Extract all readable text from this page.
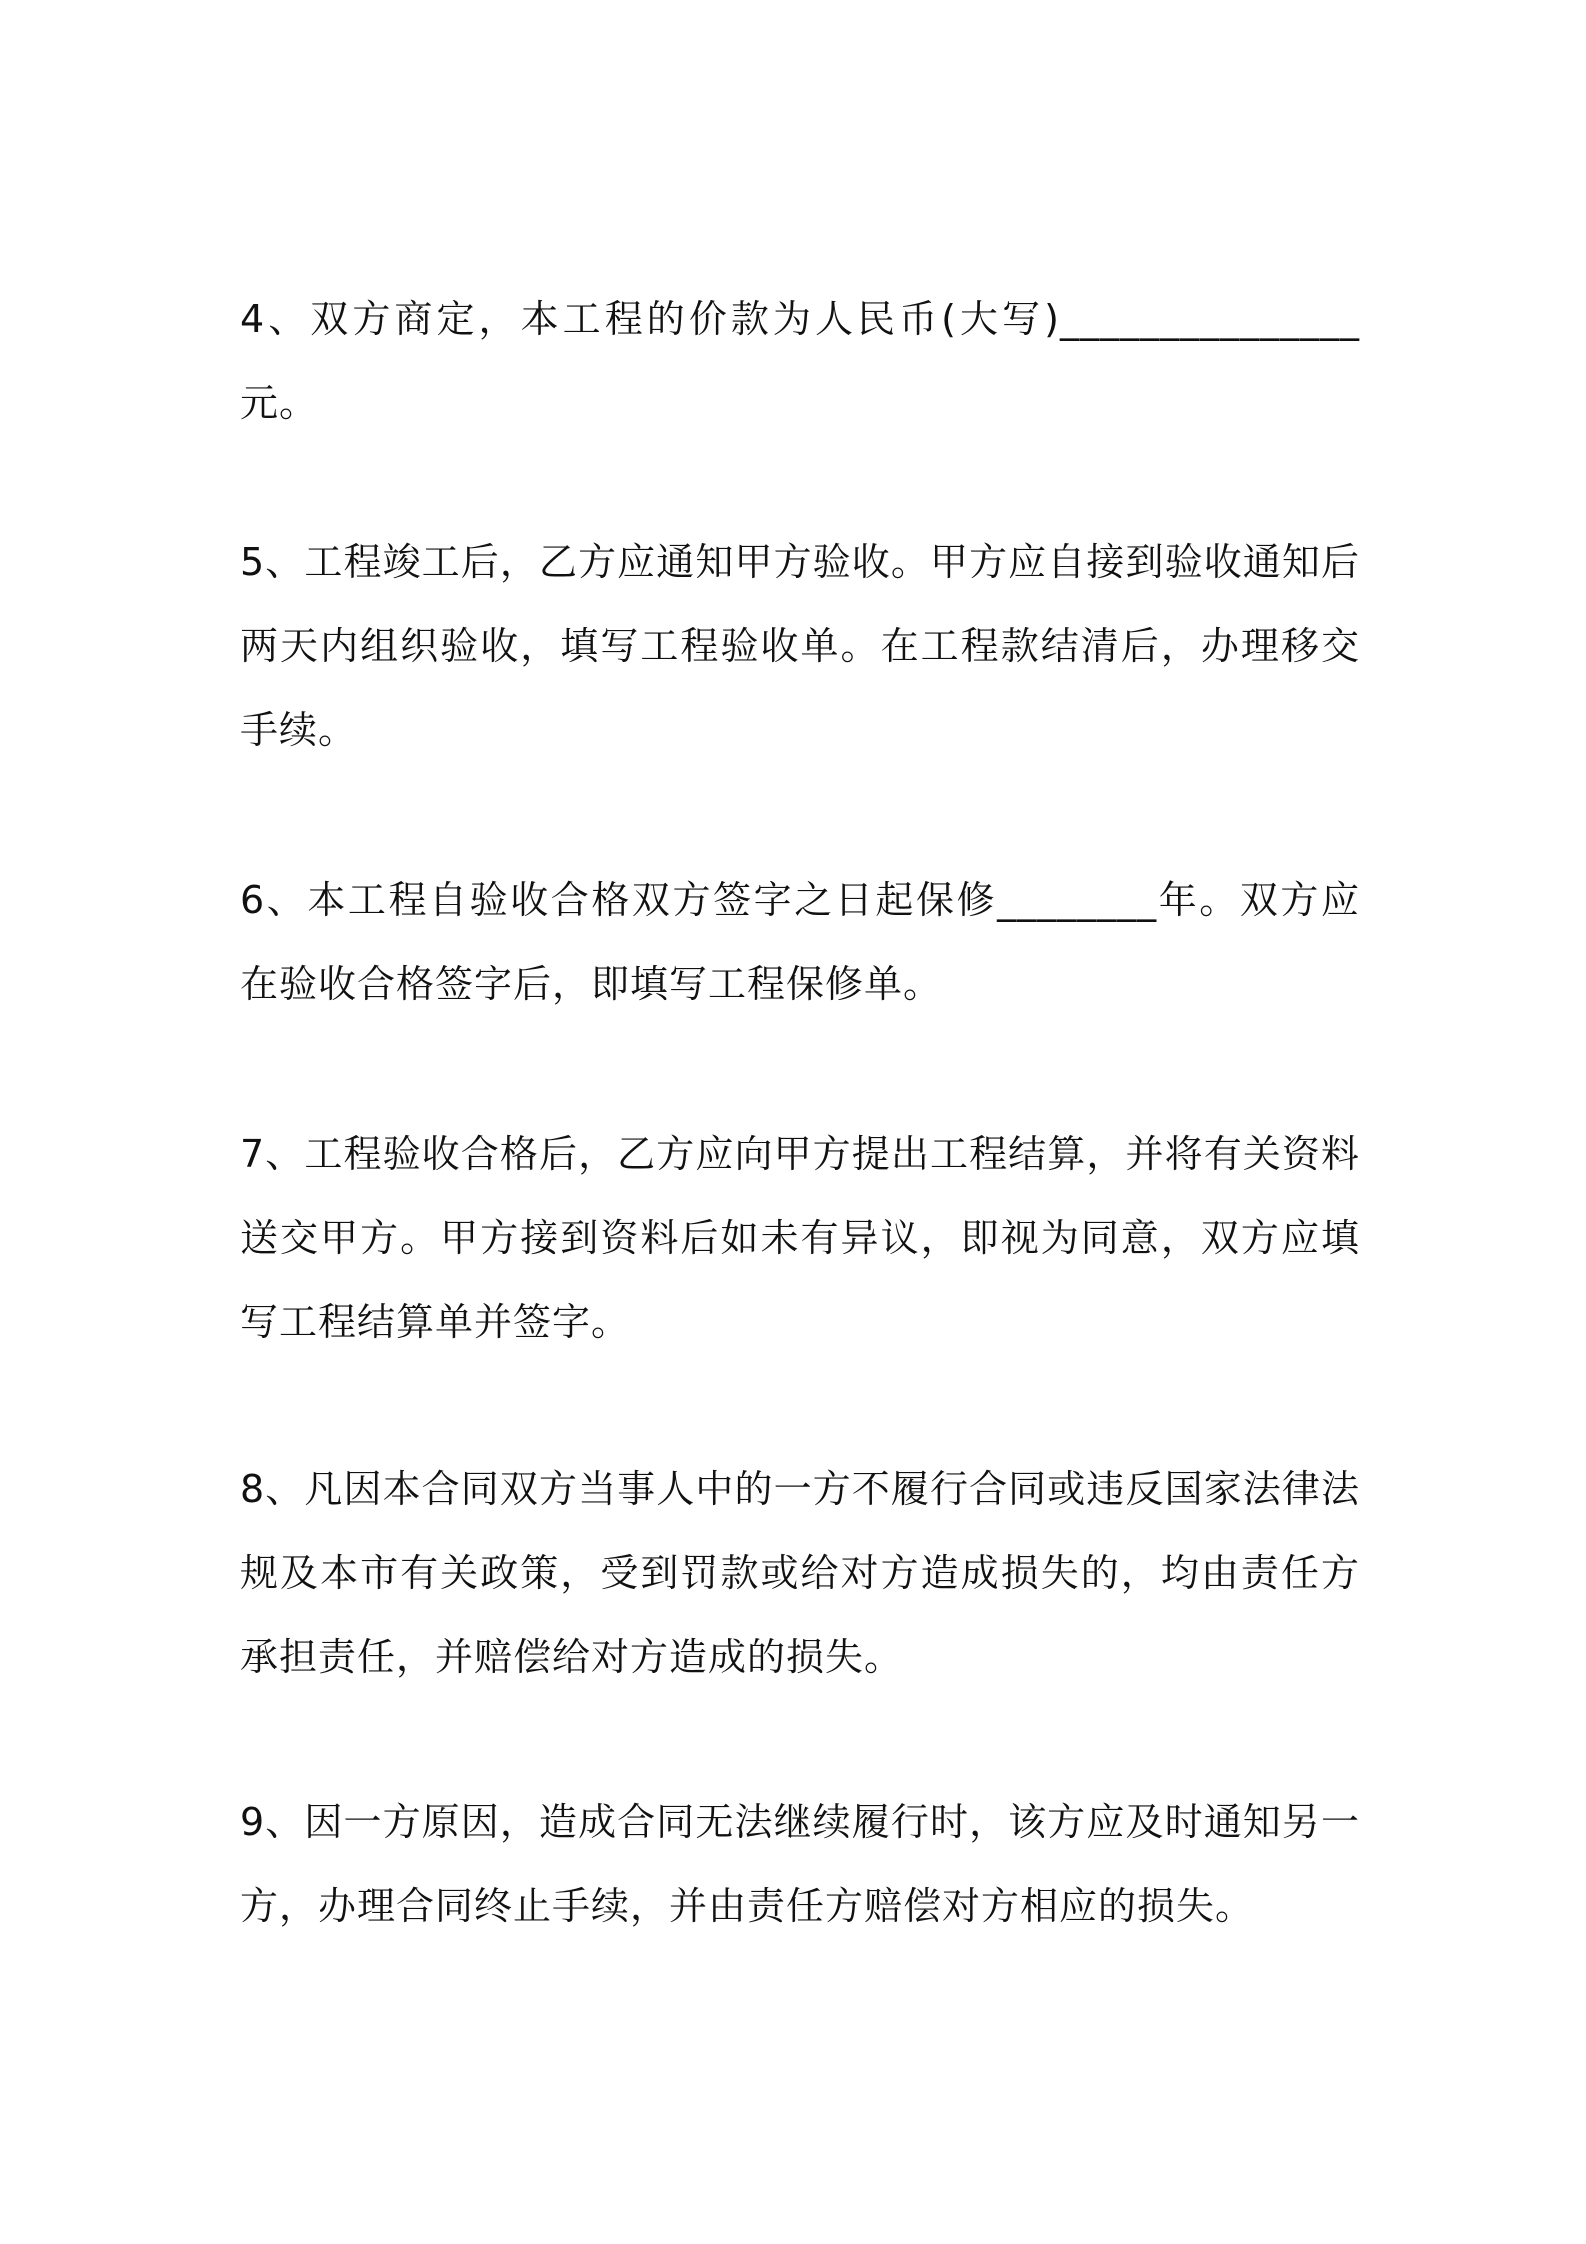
4、双方商定，本工程的价款为人民币(大写)_______________元。

5、工程竣工后，乙方应通知甲方验收。甲方应自接到验收通知后两天内组织验收，填写工程验收单。在工程款结清后，办理移交手续。

6、本工程自验收合格双方签字之日起保修________年。双方应在验收合格签字后，即填写工程保修单。

7、工程验收合格后，乙方应向甲方提出工程结算，并将有关资料送交甲方。甲方接到资料后如未有异议，即视为同意，双方应填写工程结算单并签字。

8、凡因本合同双方当事人中的一方不履行合同或违反国家法律法规及本市有关政策，受到罚款或给对方造成损失的，均由责任方承担责任，并赔偿给对方造成的损失。

9、因一方原因，造成合同无法继续履行时，该方应及时通知另一方，办理合同终止手续，并由责任方赔偿对方相应的损失。
